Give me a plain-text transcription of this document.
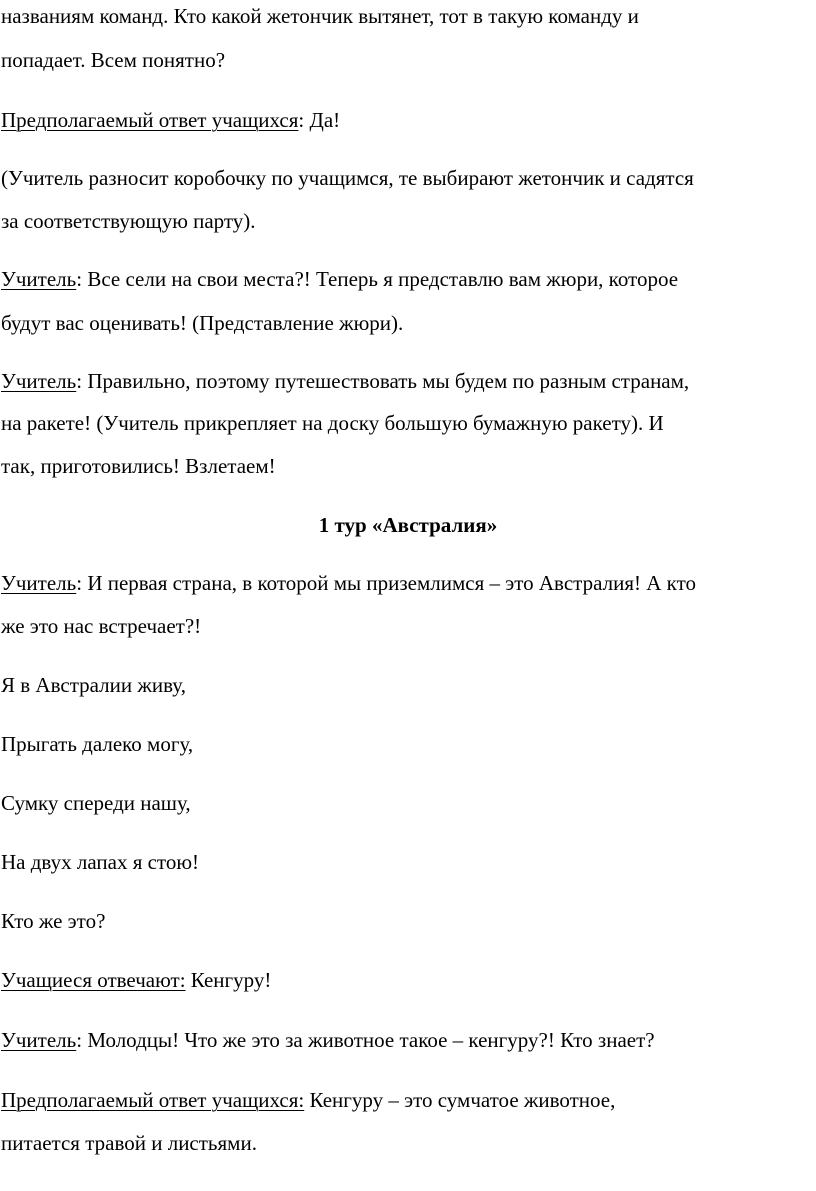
названиям команд. Кто какой жетончик вытянет, тот в такую команду и
попадает. Всем понятно?
Предполагаемый ответ учащихся: Да!
(Учитель разносит коробочку по учащимся, те выбирают жетончик и садятся
за соответствующую парту).
Учитель: Все сели на свои места?! Теперь я представлю вам жюри, которое
будут вас оценивать! (Представление жюри).
Учитель: Правильно, поэтому путешествовать мы будем по разным странам,
на ракете! (Учитель прикрепляет на доску большую бумажную ракету). И
так, приготовились! Взлетаем!
1 тур «Австралия»
Учитель: И первая страна, в которой мы приземлимся – это Австралия! А кто
же это нас встречает?!
Я в Австралии живу,
Прыгать далеко могу,
Сумку спереди нашу,
На двух лапах я стою!
Кто же это?
Учащиеся отвечают: Кенгуру!
Учитель: Молодцы! Что же это за животное такое – кенгуру?! Кто знает?
Предполагаемый ответ учащихся: Кенгуру – это сумчатое животное,
питается травой и листьями.
